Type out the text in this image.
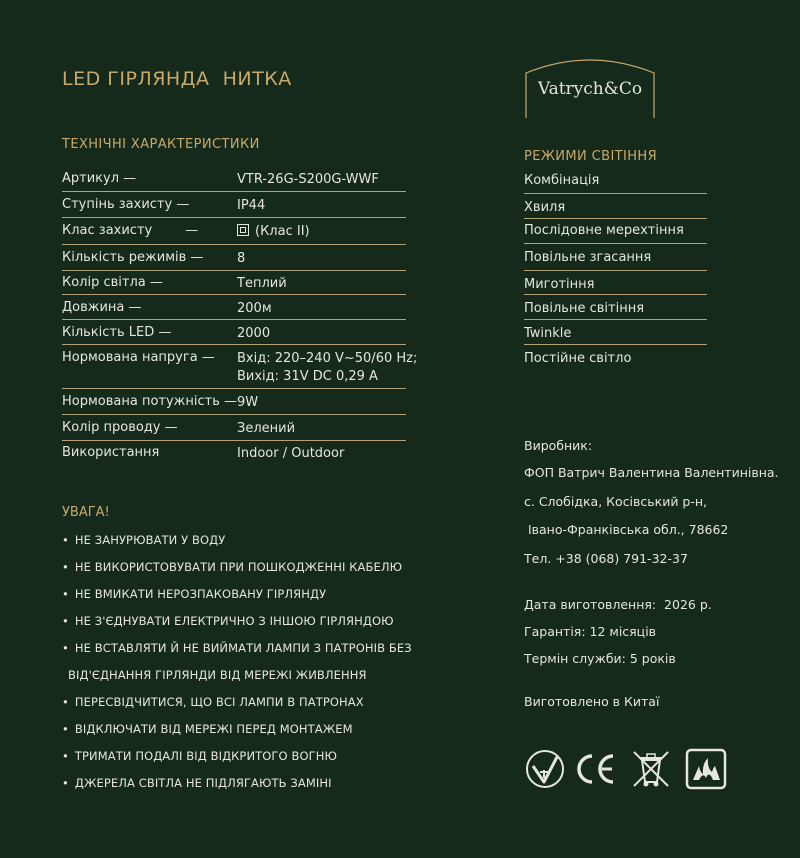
LED ГІРЛЯНДА  НИТКА	Vatrych&Co
ТЕХНІЧНІ ХАРАКТЕРИСТИКИ
Артикул —	VTR-26G-S200G-WWF
Ступінь захисту —	IP44
Клас захисту        —	(Клас II)
Кількість режимів —	8
Колір світла —	Теплий
Довжина —	200м
Кількість LED —	2000
Нормована напруга — Вхід: 220–240 V~50/60 Hz;
Вихід: 31V DC 0,29 A
Нормована потужність — 9W
Колір проводу —	Зелений
Використання	Indoor / Outdoor
РЕЖИМИ СВІТІННЯ
Комбінація
Хвиля
Послідовне мерехтіння
Повільне згасання
Миготіння
Повільне світіння
Twinkle
Постійне світло
УВАГА!
• НЕ ЗАНУРЮВАТИ У ВОДУ
• НЕ ВИКОРИСТОВУВАТИ ПРИ ПОШКОДЖЕННІ КАБЕЛЮ
• НЕ ВМИКАТИ НЕРОЗПАКОВАНУ ГІРЛЯНДУ
• НЕ З'ЄДНУВАТИ ЕЛЕКТРИЧНО З ІНШОЮ ГІРЛЯНДОЮ
• НЕ ВСТАВЛЯТИ Й НЕ ВИЙМАТИ ЛАМПИ З ПАТРОНІВ БЕЗ
ВІД'ЄДНАННЯ ГІРЛЯНДИ ВІД МЕРЕЖІ ЖИВЛЕННЯ
• ПЕРЕСВІДЧИТИСЯ, ЩО ВСІ ЛАМПИ В ПАТРОНАХ
• ВІДКЛЮЧАТИ ВІД МЕРЕЖІ ПЕРЕД МОНТАЖЕМ
• ТРИМАТИ ПОДАЛІ ВІД ВІДКРИТОГО ВОГНЮ
• ДЖЕРЕЛА СВІТЛА НЕ ПІДЛЯГАЮТЬ ЗАМІНІ
Виробник:
ФОП Ватрич Валентина Валентинівна.
с. Слобідка, Косівський р-н,
Івано-Франківська обл., 78662
Тел. +38 (068) 791-32-37
Дата виготовлення:  2026 р.
Гарантія: 12 місяців
Термін служби: 5 років
Виготовлено в Китаї
